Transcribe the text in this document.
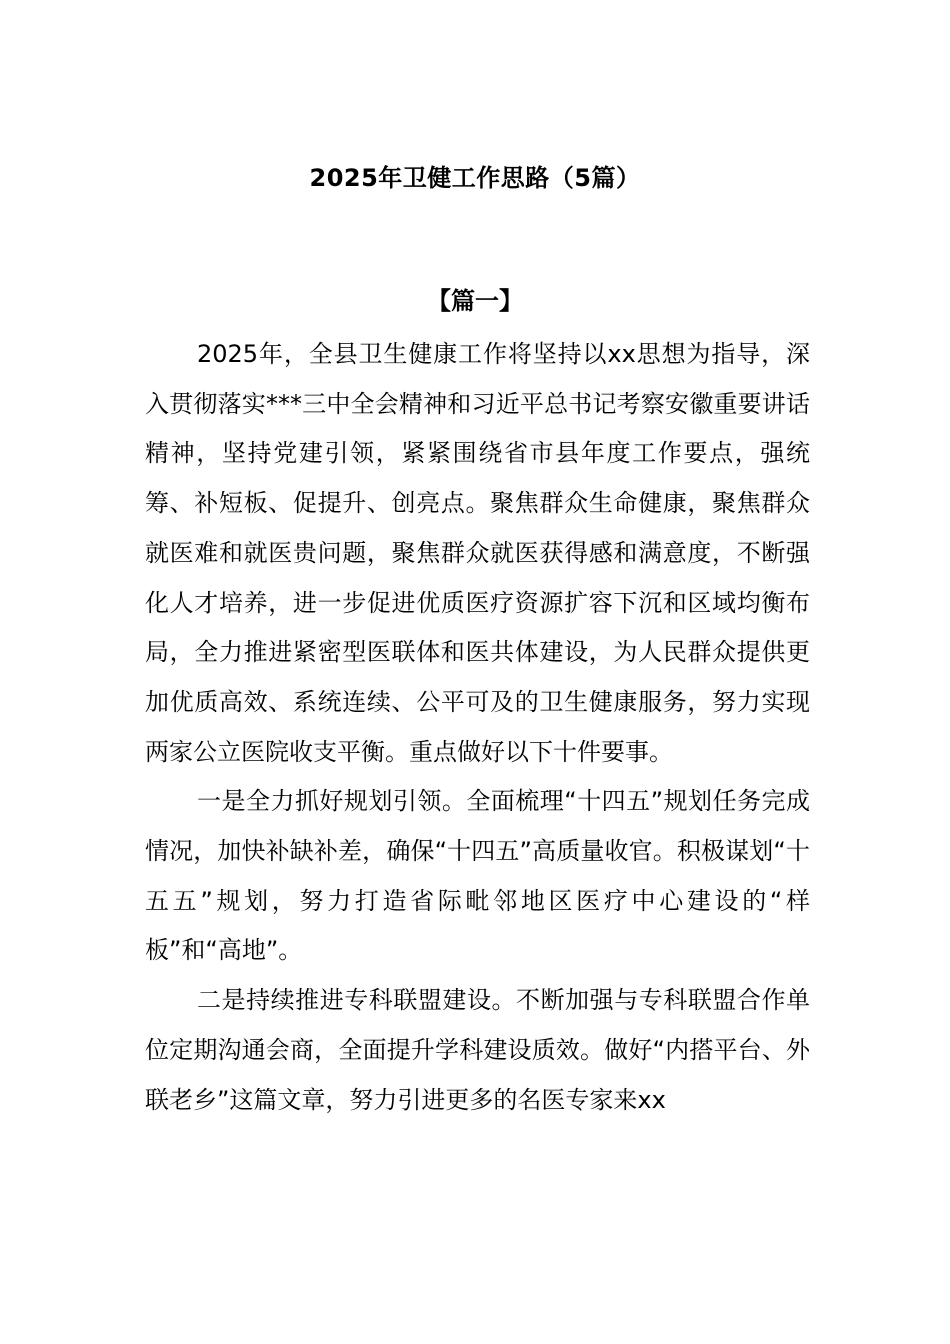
2025年卫健工作思路（5篇）
【篇一】

2025年，全县卫生健康工作将坚持以xx思想为指导，深入贯彻落实***三中全会精神和习近平总书记考察安徽重要讲话精神，坚持党建引领，紧紧围绕省市县年度工作要点，强统筹、补短板、促提升、创亮点。聚焦群众生命健康，聚焦群众就医难和就医贵问题，聚焦群众就医获得感和满意度，不断强化人才培养，进一步促进优质医疗资源扩容下沉和区域均衡布局，全力推进紧密型医联体和医共体建设，为人民群众提供更加优质高效、系统连续、公平可及的卫生健康服务，努力实现两家公立医院收支平衡。重点做好以下十件要事。

一是全力抓好规划引领。全面梳理“十四五”规划任务完成情况，加快补缺补差，确保“十四五”高质量收官。积极谋划“十五五”规划，努力打造省际毗邻地区医疗中心建设的“样板”和“高地”。

二是持续推进专科联盟建设。不断加强与专科联盟合作单位定期沟通会商，全面提升学科建设质效。做好“内搭平台、外联老乡”这篇文章，努力引进更多的名医专家来xx
